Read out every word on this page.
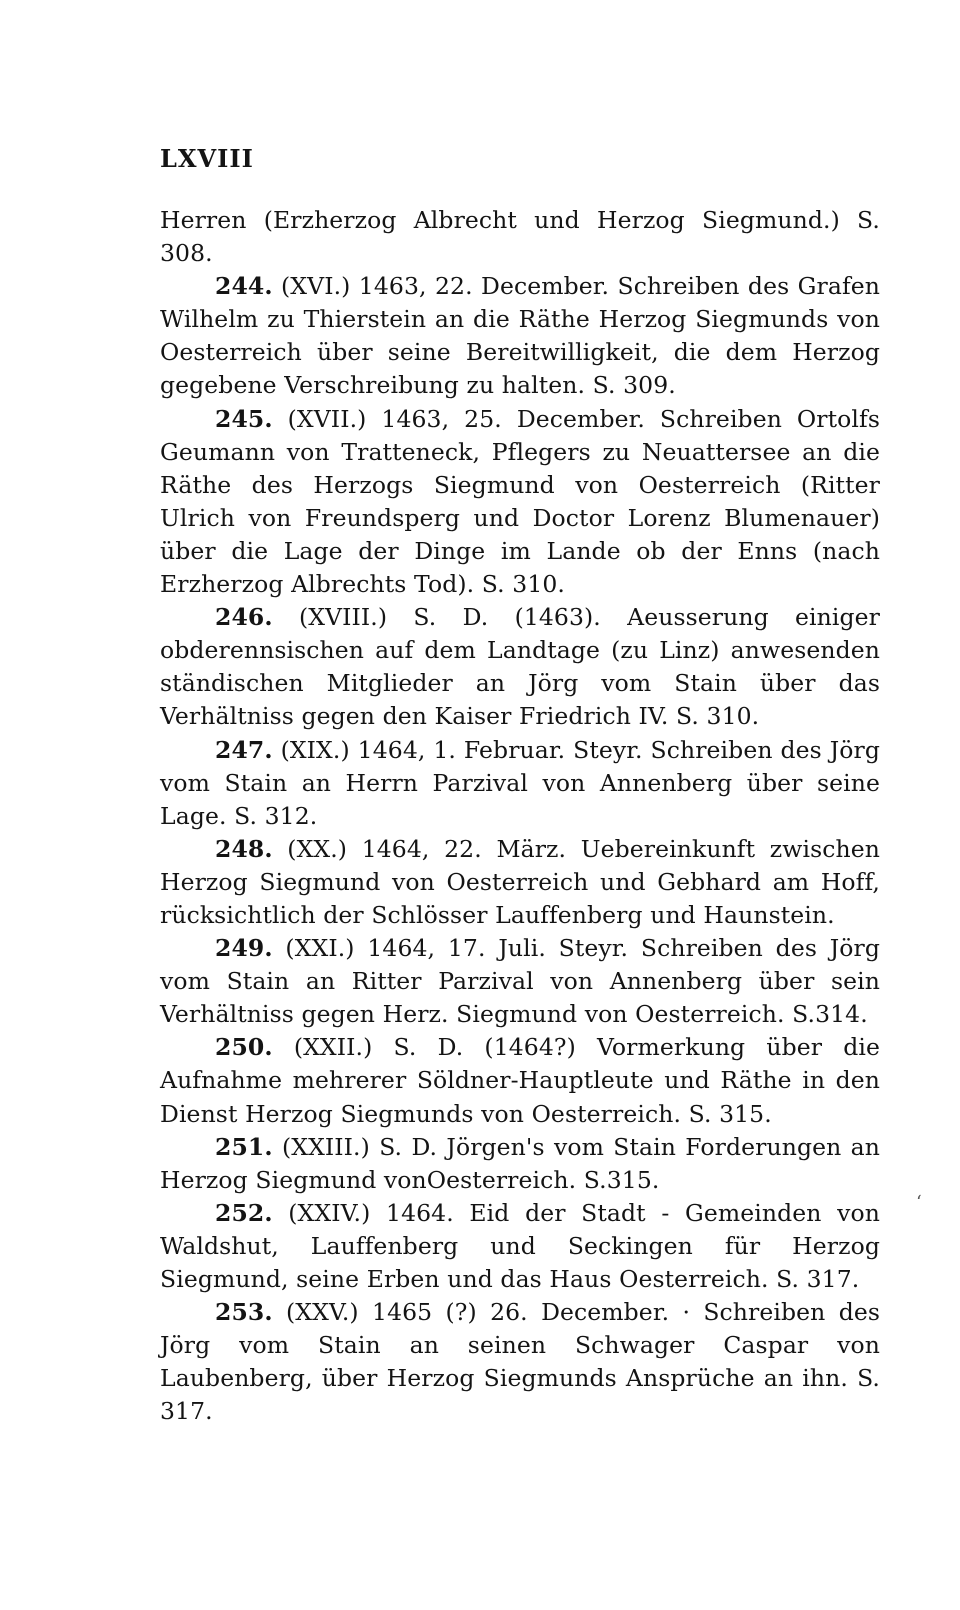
LXVIII
Herren (Erzherzog Albrecht und Herzog Siegmund.) S. 308.
244. (XVI.) 1463, 22. December. Schreiben des Grafen Wilhelm zu Thierstein an die Räthe Herzog Siegmunds von Oesterreich über seine Bereitwilligkeit, die dem Herzog gegebene Verschreibung zu halten. S. 309.
245. (XVII.) 1463, 25. December. Schreiben Ortolfs Geumann von Tratteneck, Pflegers zu Neuattersee an die Räthe des Herzogs Siegmund von Oesterreich (Ritter Ulrich von Freundsperg und Doctor Lorenz Blumenauer) über die Lage der Dinge im Lande ob der Enns (nach Erzherzog Albrechts Tod). S. 310.
246. (XVIII.) S. D. (1463). Aeusserung einiger obderennsischen auf dem Landtage (zu Linz) anwesenden ständischen Mitglieder an Jörg vom Stain über das Verhältniss gegen den Kaiser Friedrich IV. S. 310.
247. (XIX.) 1464, 1. Februar. Steyr. Schreiben des Jörg vom Stain an Herrn Parzival von Annenberg über seine Lage. S. 312.
248. (XX.) 1464, 22. März. Uebereinkunft zwischen Herzog Siegmund von Oesterreich und Gebhard am Hoff, rücksichtlich der Schlösser Lauffenberg und Haunstein.
249. (XXI.) 1464, 17. Juli. Steyr. Schreiben des Jörg vom Stain an Ritter Parzival von Annenberg über sein Verhältniss gegen Herz. Siegmund von Oesterreich. S.314.
250. (XXII.) S. D. (1464?) Vormerkung über die Aufnahme mehrerer Söldner-Hauptleute und Räthe in den Dienst Herzog Siegmunds von Oesterreich. S. 315.
251. (XXIII.) S. D. Jörgen's vom Stain Forderungen an Herzog Siegmund vonOesterreich. S.315.
252. (XXIV.) 1464. Eid der Stadt - Gemeinden von Waldshut, Lauffenberg und Seckingen für Herzog Siegmund, seine Erben und das Haus Oesterreich. S. 317.
253. (XXV.) 1465 (?) 26. December. · Schreiben des Jörg vom Stain an seinen Schwager Caspar von Laubenberg, über Herzog Siegmunds Ansprüche an ihn. S. 317.
ʻ
